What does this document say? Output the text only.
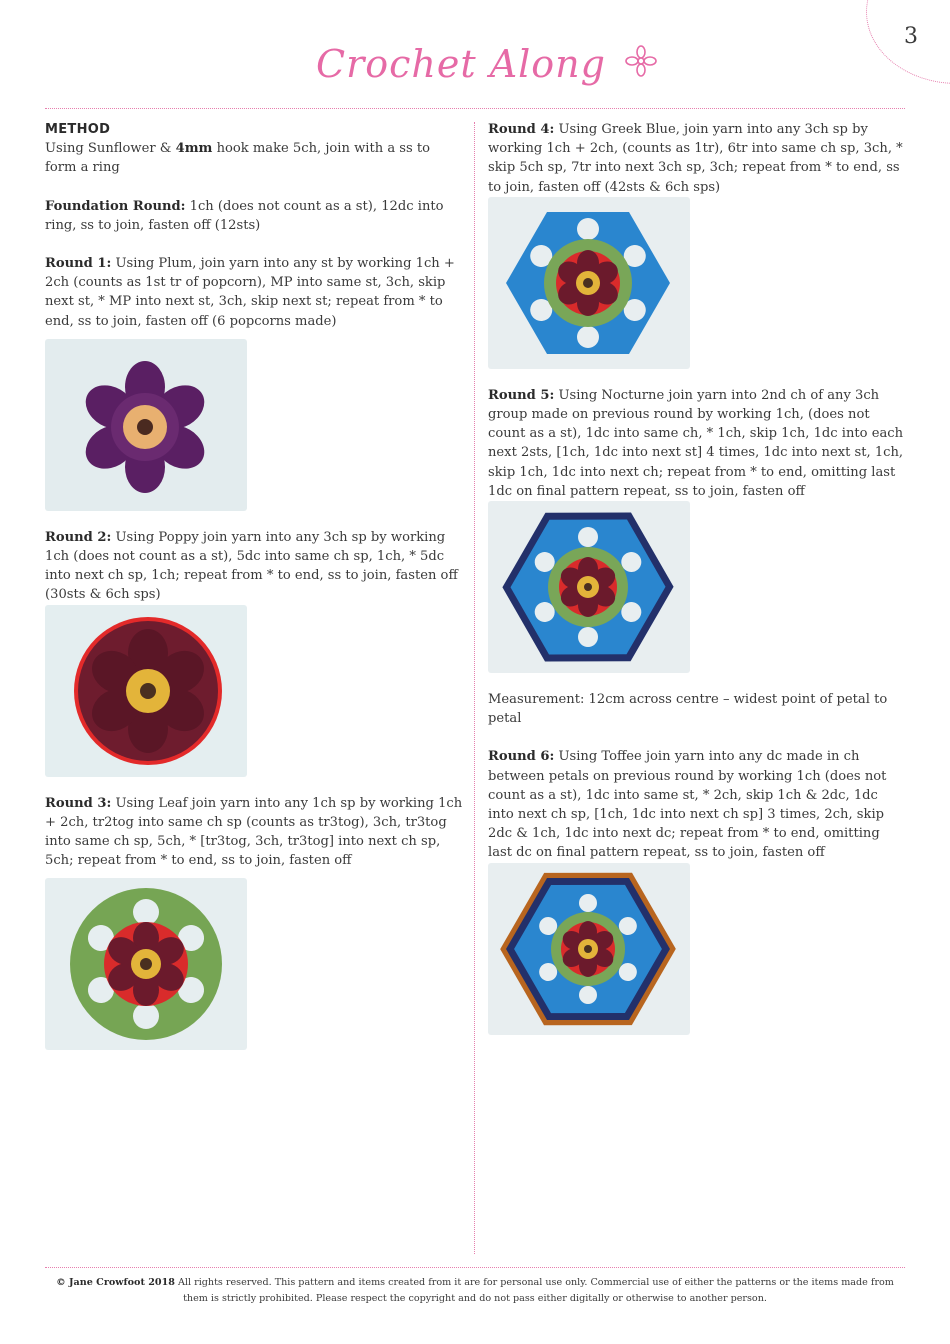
3
Crochet Along

METHOD
Using Sunflower & 4mm hook make 5ch, join with a ss to form a ring

Foundation Round: 1ch (does not count as a st), 12dc into ring, ss to join, fasten off (12sts)

Round 1: Using Plum, join yarn into any st by working 1ch + 2ch (counts as 1st tr of popcorn), MP into same st, 3ch, skip next st, * MP into next st, 3ch, skip next st; repeat from * to end, ss to join, fasten off (6 popcorns made)

Round 2: Using Poppy join yarn into any 3ch sp by working 1ch (does not count as a st), 5dc into same ch sp, 1ch, * 5dc into next ch sp, 1ch; repeat from * to end, ss to join, fasten off (30sts & 6ch sps)

Round 3: Using Leaf join yarn into any 1ch sp by working 1ch + 2ch, tr2tog into same ch sp (counts as tr3tog), 3ch, tr3tog into same ch sp, 5ch, * [tr3tog, 3ch, tr3tog] into next ch sp, 5ch; repeat from * to end, ss to join, fasten off

Round 4: Using Greek Blue, join yarn into any 3ch sp by working 1ch + 2ch, (counts as 1tr), 6tr into same ch sp, 3ch, * skip 5ch sp, 7tr into next 3ch sp, 3ch; repeat from * to end, ss to join, fasten off (42sts & 6ch sps)

Round 5: Using Nocturne join yarn into 2nd ch of any 3ch group made on previous round by working 1ch, (does not count as a st), 1dc into same ch, * 1ch, skip 1ch, 1dc into each next 2sts, [1ch, 1dc into next st] 4 times, 1dc into next st, 1ch, skip 1ch, 1dc into next ch; repeat from * to end, omitting last 1dc on final pattern repeat, ss to join, fasten off

Measurement: 12cm across centre – widest point of petal to petal

Round 6: Using Toffee join yarn into any dc made in ch between petals on previous round by working 1ch (does not count as a st), 1dc into same st, * 2ch, skip 1ch & 2dc, 1dc into next ch sp, [1ch, 1dc into next ch sp] 3 times, 2ch, skip 2dc & 1ch, 1dc into next dc; repeat from * to end, omitting last dc on final pattern repeat, ss to join, fasten off

© Jane Crowfoot 2018 All rights reserved. This pattern and items created from it are for personal use only. Commercial use of either the patterns or the items made from them is strictly prohibited. Please respect the copyright and do not pass either digitally or otherwise to another person.
